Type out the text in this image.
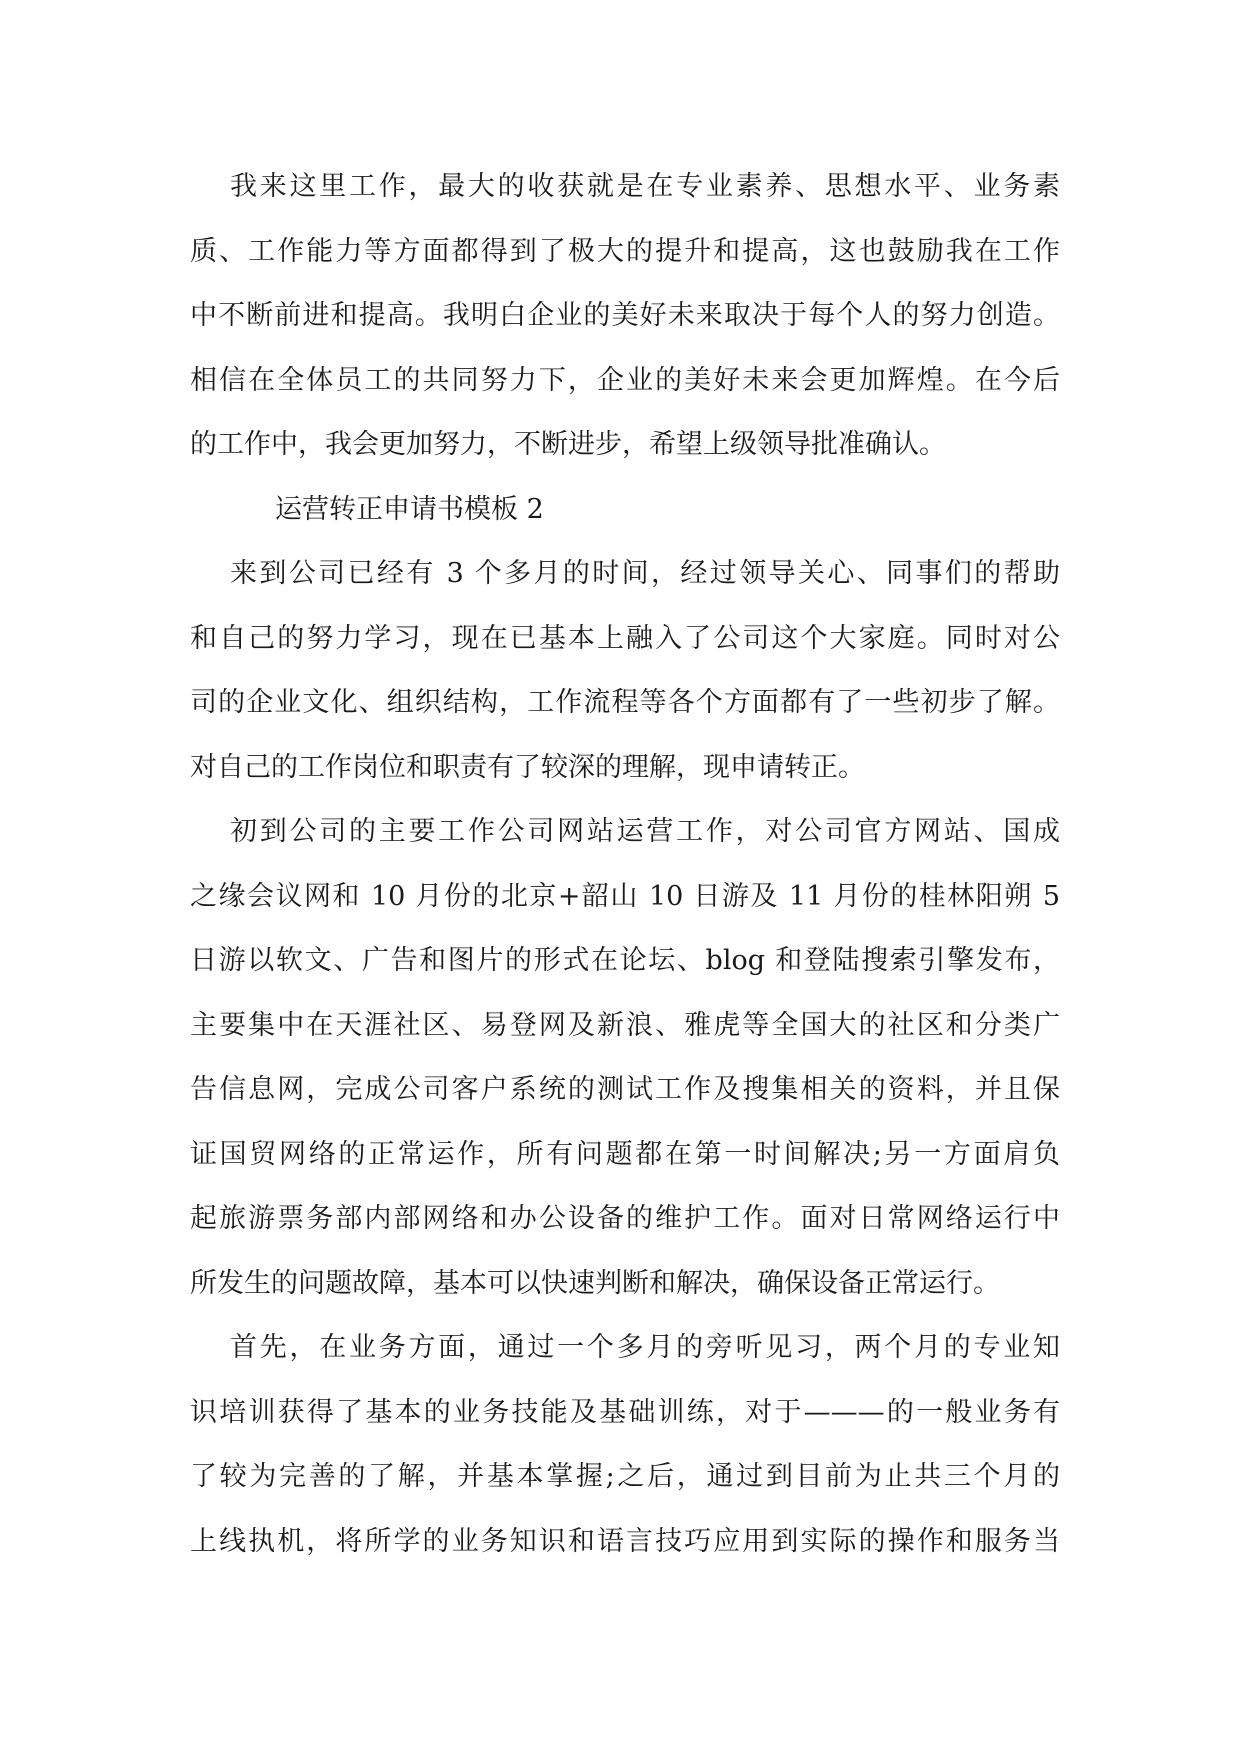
我来这里工作，最大的收获就是在专业素养、思想水平、业务素
质、工作能力等方面都得到了极大的提升和提高，这也鼓励我在工作
中不断前进和提高。我明白企业的美好未来取决于每个人的努力创造。
相信在全体员工的共同努力下，企业的美好未来会更加辉煌。在今后
的工作中，我会更加努力，不断进步，希望上级领导批准确认。
运营转正申请书模板 2
来到公司已经有 3 个多月的时间，经过领导关心、同事们的帮助
和自己的努力学习，现在已基本上融入了公司这个大家庭。同时对公
司的企业文化、组织结构，工作流程等各个方面都有了一些初步了解。
对自己的工作岗位和职责有了较深的理解，现申请转正。
初到公司的主要工作公司网站运营工作，对公司官方网站、国成
之缘会议网和 10 月份的北京+韶山 10 日游及 11 月份的桂林阳朔 5
日游以软文、广告和图片的形式在论坛、blog 和登陆搜索引擎发布，
主要集中在天涯社区、易登网及新浪、雅虎等全国大的社区和分类广
告信息网，完成公司客户系统的测试工作及搜集相关的资料，并且保
证国贸网络的正常运作，所有问题都在第一时间解决;另一方面肩负
起旅游票务部内部网络和办公设备的维护工作。面对日常网络运行中
所发生的问题故障，基本可以快速判断和解决，确保设备正常运行。
首先，在业务方面，通过一个多月的旁听见习，两个月的专业知
识培训获得了基本的业务技能及基础训练，对于———的一般业务有
了较为完善的了解，并基本掌握;之后，通过到目前为止共三个月的
上线执机，将所学的业务知识和语言技巧应用到实际的操作和服务当
